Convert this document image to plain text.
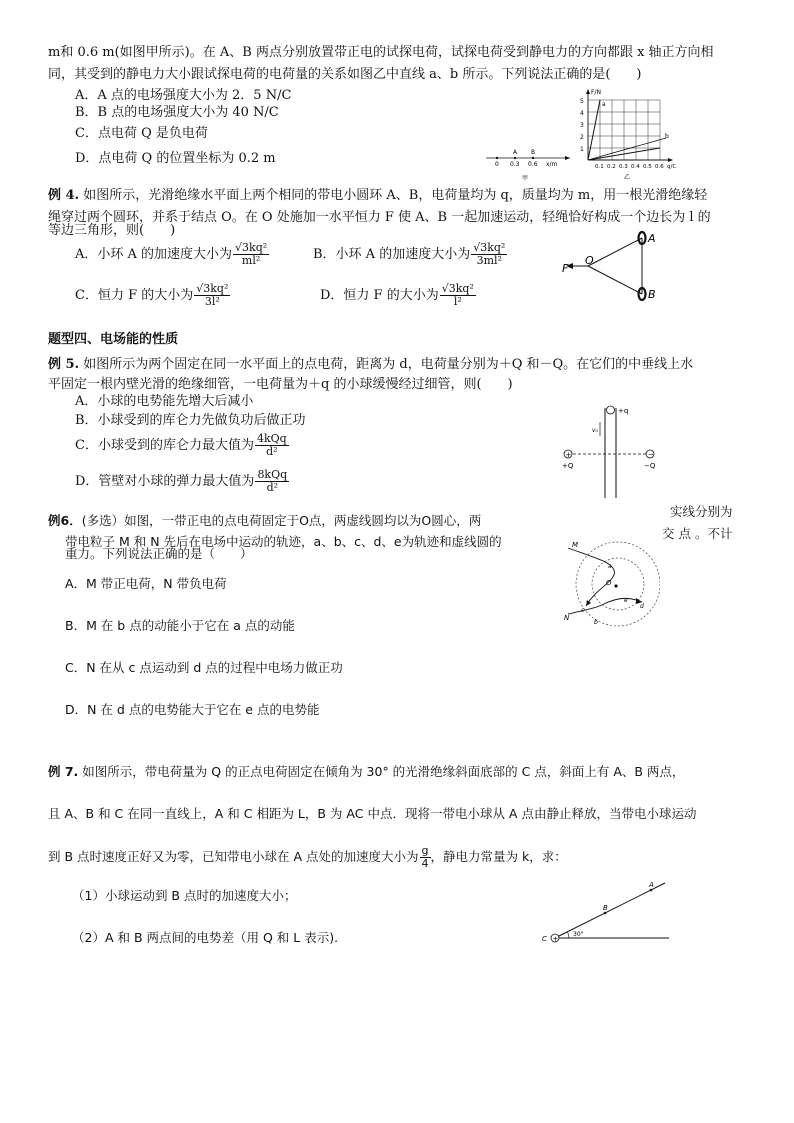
m和 0.6 m(如图甲所示)。在 A、B 两点分别放置带正电的试探电荷，试探电荷受到静电力的方向都跟 x 轴正方向相
同，其受到的静电力大小跟试探电荷的电荷量的关系如图乙中直线 a、b 所示。下列说法正确的是(　　)
A．A 点的电场强度大小为 2．5 N/C
B．B 点的电场强度大小为 40 N/C
C．点电荷 Q 是负电荷
D．点电荷 Q 的位置坐标为 0.2 m	A B
0 0.3 0.6 x/m
甲
F/N
5
4
3
2
1
a
b
0.1 0.2 0.3 0.4 0.5 0.6 q/C
乙
例 4. 如图所示，光滑绝缘水平面上两个相同的带电小圆环 A、B，电荷量均为 q，质量均为 m，用一根光滑绝缘轻
绳穿过两个圆环，并系于结点 O。在 O 处施加一水平恒力 F 使 A、B 一起加速运动，轻绳恰好构成一个边长为 l 的
等边三角形，则(　　)
A．小环 A 的加速度大小为 $\frac{\text{√3kq²}}{\text{ml²}}$	B．小环 A 的加速度大小为 $\frac{\text{√3kq²}}{\text{3ml²}}$
C．恒力 F 的大小为 $\frac{\text{√3kq²}}{\text{3l²}}$	D．恒力 F 的大小为 $\frac{\text{√3kq²}}{\text{l²}}$
F
O
A
B
题型四、电场能的性质
例 5. 如图所示为两个固定在同一水平面上的点电荷，距离为 d，电荷量分别为＋Q 和－Q。在它们的中垂线上水
平固定一根内壁光滑的绝缘细管，一电荷量为＋q 的小球缓慢经过细管，则(　　)
A．小球的电势能先增大后减小
B．小球受到的库仑力先做负功后做正功
C．小球受到的库仑力最大值为 $\frac{\text{4kQq}}{\text{d²}}$
D．管壁对小球的弹力最大值为 $\frac{\text{8kQq}}{\text{d²}}$
+q
v₀
+	−
+Q	−Q
例6．(多选）如图，一带正电的点电荷固定于O点，两虚线圆均以为O圆心，两
实线分别为
交 点 。不计
带电粒子 M 和 N 先后在电场中运动的轨迹，a、b、c、d、e为轨迹和虚线圆的
重力。下列说法正确的是（　　）
A．M 带正电荷，N 带负电荷
B．M 在 b 点的动能小于它在 a 点的动能
C．N 在从 c 点运动到 d 点的过程中电场力做正功
D．N 在 d 点的电势能大于它在 e 点的电势能
O
M
N
a
b
c
e
d
例 7. 如图所示，带电荷量为 Q 的正点电荷固定在倾角为 30° 的光滑绝缘斜面底部的 C 点，斜面上有 A、B 两点，
且 A、B 和 C 在同一直线上，A 和 C 相距为 L，B 为 AC 中点．现将一带电小球从 A 点由静止释放，当带电小球运动
到 B 点时速度正好又为零，已知带电小球在 A 点处的加速度大小为 $\frac{g}{4}$ ，静电力常量为 k，求：
（1）小球运动到 B 点时的加速度大小；
（2）A 和 B 两点间的电势差（用 Q 和 L 表示).	30°
+
C
B
A
